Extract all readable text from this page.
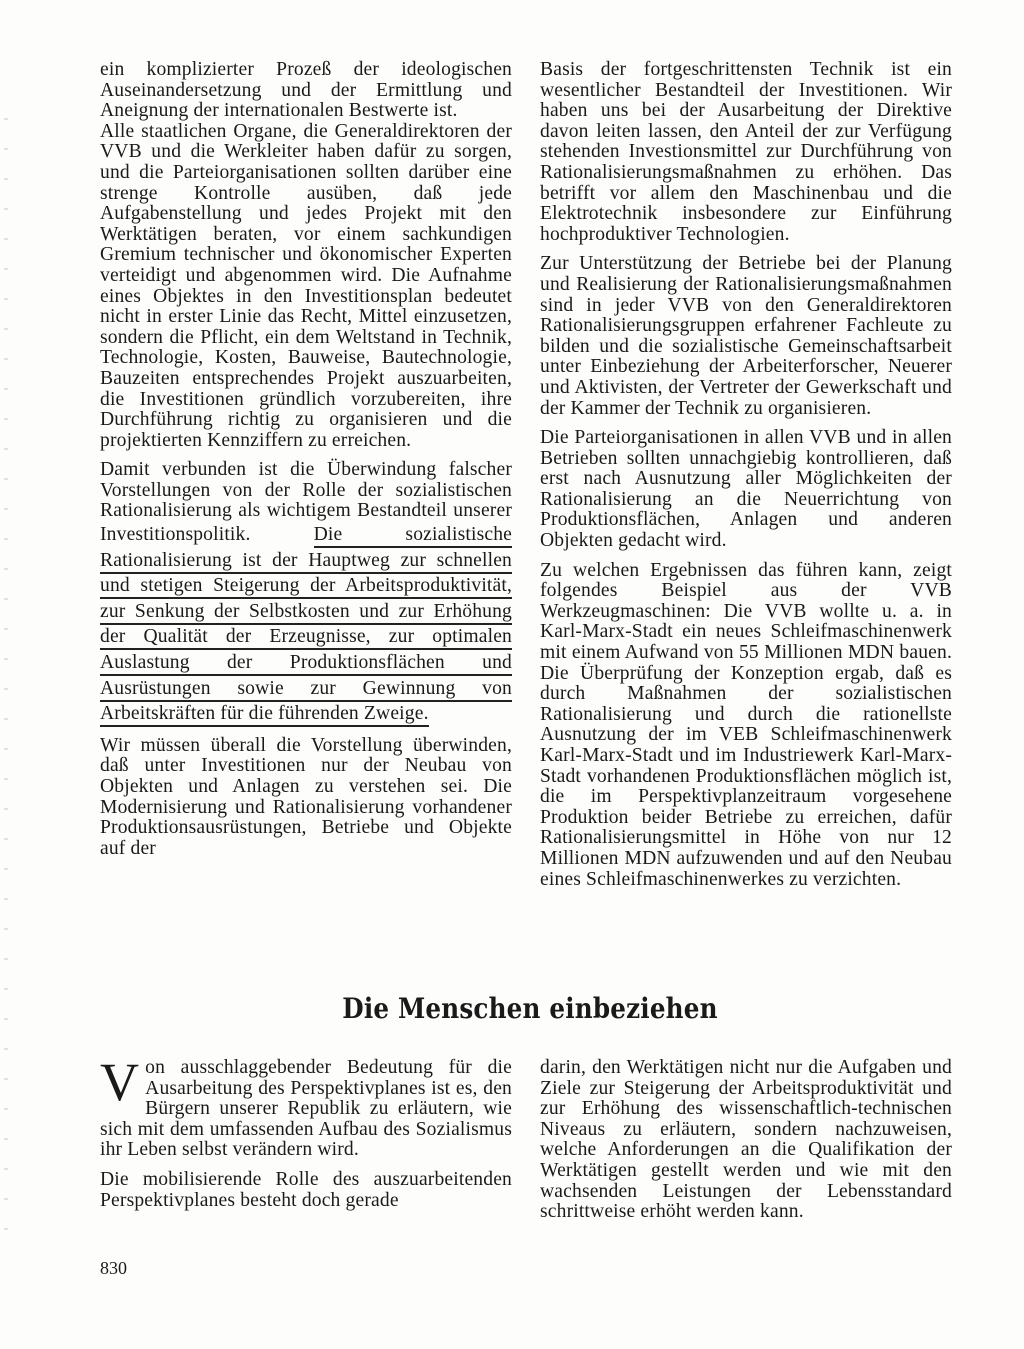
ein komplizierter Prozeß der ideologischen Auseinandersetzung und der Ermittlung und Aneignung der internationalen Bestwerte ist.

Alle staatlichen Organe, die Generaldirektoren der VVB und die Werkleiter haben dafür zu sorgen, und die Parteiorganisationen sollten darüber eine strenge Kontrolle ausüben, daß jede Aufgabenstellung und jedes Projekt mit den Werktätigen beraten, vor einem sachkundigen Gremium technischer und ökonomischer Experten verteidigt und abgenommen wird. Die Aufnahme eines Objektes in den Investitionsplan bedeutet nicht in erster Linie das Recht, Mittel einzusetzen, sondern die Pflicht, ein dem Weltstand in Technik, Technologie, Kosten, Bauweise, Bautechnologie, Bauzeiten entsprechendes Projekt auszuarbeiten, die Investitionen gründlich vorzubereiten, ihre Durchführung richtig zu organisieren und die projektierten Kennziffern zu erreichen.

Damit verbunden ist die Überwindung falscher Vorstellungen von der Rolle der sozialistischen Rationalisierung als wichtigem Bestandteil unserer Investitionspolitik.	Die sozialistische Rationalisierung ist der Hauptweg zur schnellen und stetigen Steigerung der Arbeitsproduktivität, zur Senkung der Selbstkosten und zur Erhöhung der Qualität der Erzeugnisse, zur optimalen Auslastung der Produktionsflächen und Ausrüstungen sowie zur Gewinnung von Arbeitskräften für die führenden Zweige.

Wir müssen überall die Vorstellung überwinden, daß unter Investitionen nur der Neubau von Objekten und Anlagen zu verstehen sei. Die Modernisierung und Rationalisierung vorhandener Produktionsausrüstungen, Betriebe und Objekte auf der

Basis der fortgeschrittensten Technik ist ein wesentlicher Bestandteil der Investitionen. Wir haben uns bei der Ausarbeitung der Direktive davon leiten lassen, den Anteil der zur Verfügung stehenden Investionsmittel zur Durchführung von Rationalisierungsmaßnahmen zu erhöhen. Das betrifft vor allem den Maschinenbau und die Elektrotechnik insbesondere zur Einführung hochproduktiver Technologien.

Zur Unterstützung der Betriebe bei der Planung und Realisierung der Rationalisierungsmaßnahmen sind in jeder VVB von den Generaldirektoren Rationalisierungsgruppen erfahrener Fachleute zu bilden und die sozialistische Gemeinschaftsarbeit unter Einbeziehung der Arbeiterforscher, Neuerer und Aktivisten, der Vertreter der Gewerkschaft und der Kammer der Technik zu organisieren.

Die Parteiorganisationen in allen VVB und in allen Betrieben sollten unnachgiebig kontrollieren, daß erst nach Ausnutzung aller Möglichkeiten der Rationalisierung an die Neuerrichtung von Produktionsflächen, Anlagen und anderen Objekten gedacht wird.

Zu welchen Ergebnissen das führen kann, zeigt folgendes Beispiel aus der VVB Werkzeugmaschinen: Die VVB wollte u. a. in Karl-Marx-Stadt ein neues Schleifmaschinenwerk mit einem Aufwand von 55 Millionen MDN bauen. Die Überprüfung der Konzeption ergab, daß es durch Maßnahmen der sozialistischen Rationalisierung und durch die rationellste Ausnutzung der im VEB Schleifmaschinenwerk Karl-Marx-Stadt und im Industriewerk Karl-Marx-Stadt vorhandenen Produktionsflächen möglich ist, die im Perspektivplanzeitraum vorgesehene Produktion beider Betriebe zu erreichen, dafür Rationalisierungsmittel in Höhe von nur 12 Millionen MDN aufzuwenden und auf den Neubau eines Schleifmaschinenwerkes zu verzichten.

Die Menschen einbeziehen

V on ausschlaggebender Bedeutung für die Ausarbeitung des Perspektivplanes ist es, den Bürgern unserer Republik zu erläutern, wie sich mit dem umfassenden Aufbau des Sozialismus ihr Leben selbst verändern wird.

Die mobilisierende Rolle des auszuarbeitenden Perspektivplanes besteht doch gerade

darin, den Werktätigen nicht nur die Aufgaben und Ziele zur Steigerung der Arbeitsproduktivität und zur Erhöhung des wissenschaftlich-technischen Niveaus zu erläutern, sondern nachzuweisen, welche Anforderungen an die Qualifikation der Werktätigen gestellt werden und wie mit den wachsenden Leistungen der Lebensstandard schrittweise erhöht werden kann.

830
